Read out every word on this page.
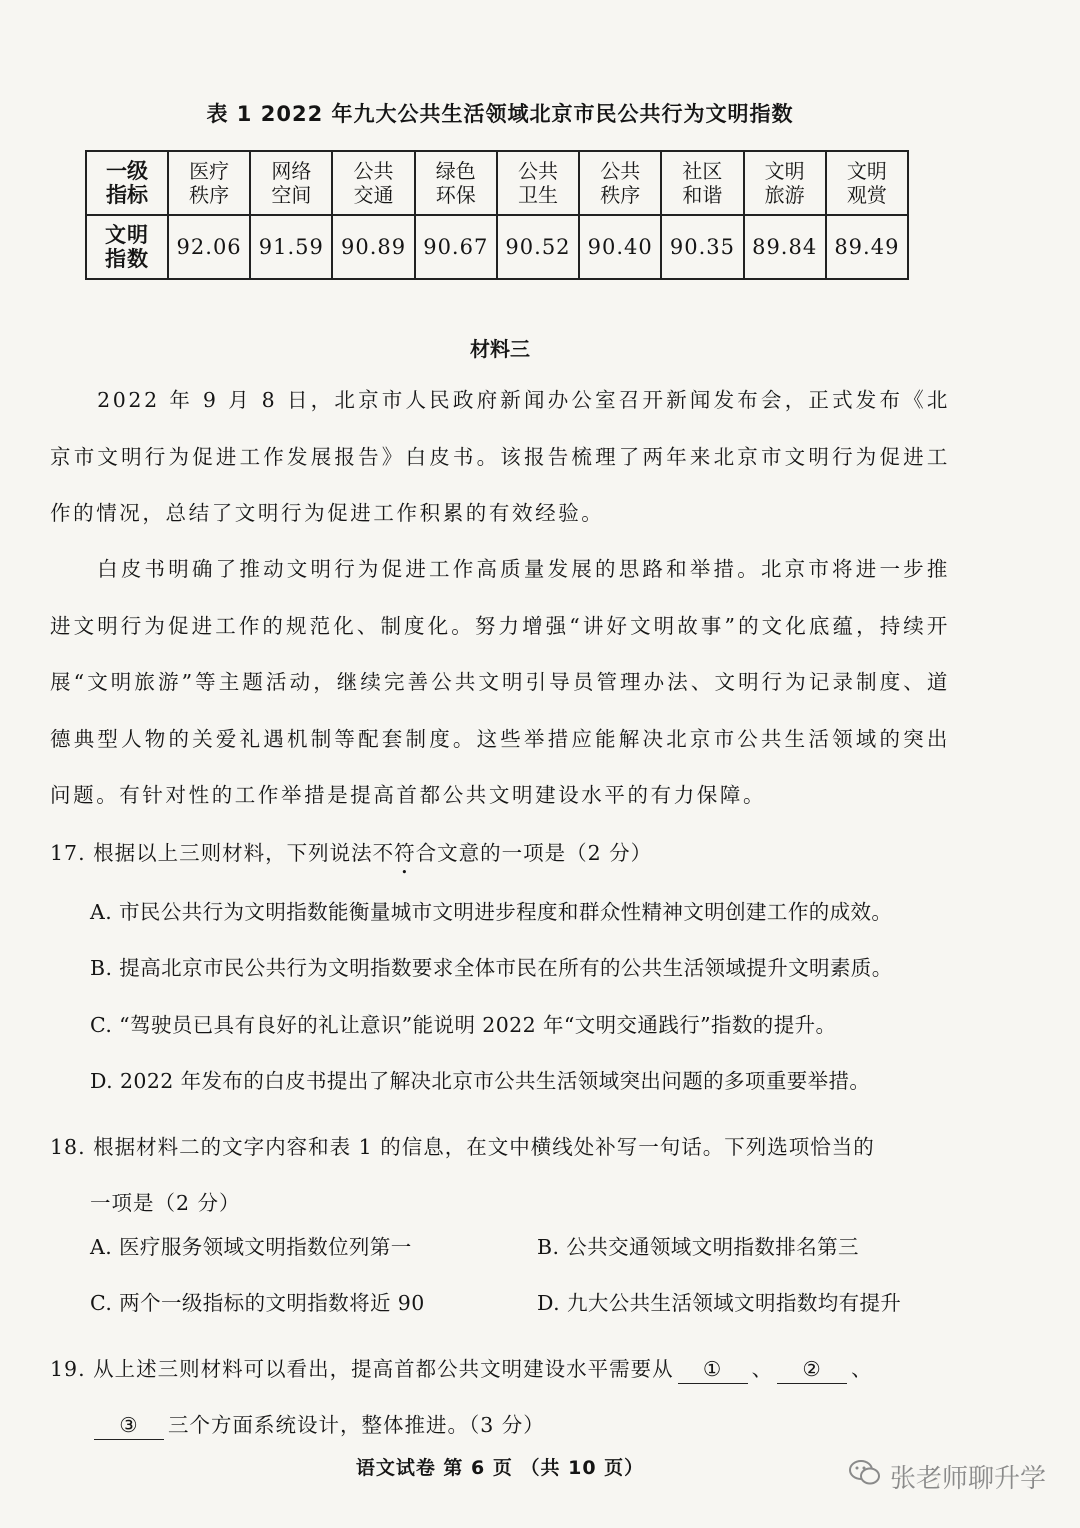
表 1 2022 年九大公共生活领域北京市民公共行为文明指数
一级指标	医疗秩序	网络空间	公共交通	绿色环保	公共卫生	公共秩序	社区和谐	文明旅游	文明观赏
文明指数	92.06	91.59	90.89	90.67	90.52	90.40	90.35	89.84	89.49
材料三

2022 年 9 月 8 日，北京市人民政府新闻办公室召开新闻发布会，正式发布《北京市文明行为促进工作发展报告》白皮书。该报告梳理了两年来北京市文明行为促进工作的情况，总结了文明行为促进工作积累的有效经验。

白皮书明确了推动文明行为促进工作高质量发展的思路和举措。北京市将进一步推进文明行为促进工作的规范化、制度化。努力增强“讲好文明故事”的文化底蕴，持续开展“文明旅游”等主题活动，继续完善公共文明引导员管理办法、文明行为记录制度、道德典型人物的关爱礼遇机制等配套制度。这些举措应能解决北京市公共生活领域的突出问题。有针对性的工作举措是提高首都公共文明建设水平的有力保障。

17. 根据以上三则材料，下列说法不符合文意的一项是（2 分）
A. 市民公共行为文明指数能衡量城市文明进步程度和群众性精神文明创建工作的成效。
B. 提高北京市民公共行为文明指数要求全体市民在所有的公共生活领域提升文明素质。
C. “驾驶员已具有良好的礼让意识”能说明 2022 年“文明交通践行”指数的提升。
D. 2022 年发布的白皮书提出了解决北京市公共生活领域突出问题的多项重要举措。
18. 根据材料二的文字内容和表 1 的信息，在文中横线处补写一句话。下列选项恰当的
一项是（2 分）
A. 医疗服务领域文明指数位列第一	B. 公共交通领域文明指数排名第三
C. 两个一级指标的文明指数将近 90	D. 九大公共生活领域文明指数均有提升
19. 从上述三则材料可以看出，提高首都公共文明建设水平需要从 ① 、 ② 、
③ 三个方面系统设计，整体推进。（3 分）
语文试卷 第 6 页 （共 10 页）	张老师聊升学
